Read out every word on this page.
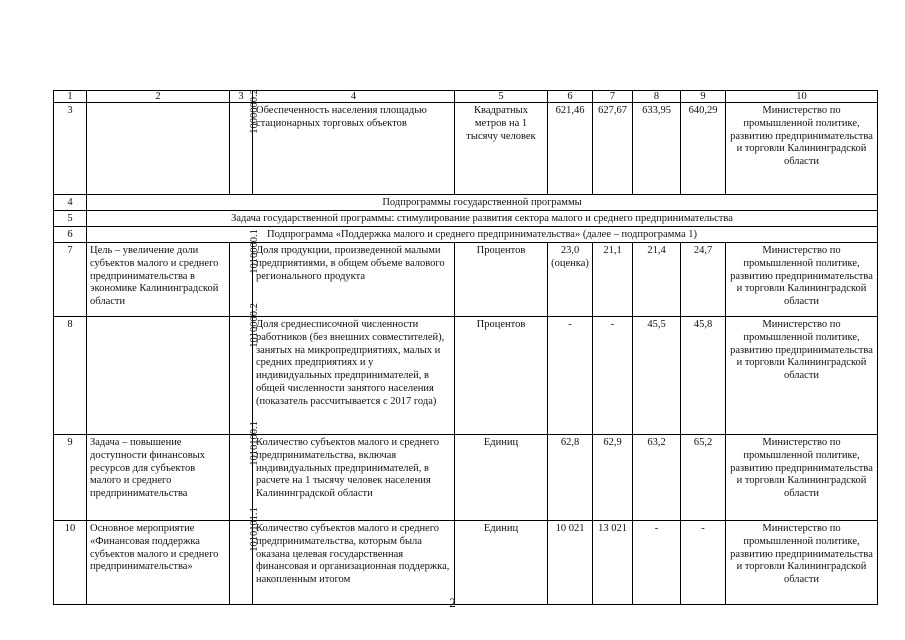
1	2	3	4	5	6	7	8	9	10
3		1000000.2	Обеспеченность населения площадью стационарных торговых объектов	Квадратных метров на 1 тысячу человек	621,46	627,67	633,95	640,29	Министерство по промышленной политике, развитию предпринимательства и торговли Калининградской области
4	Подпрограммы государственной программы								
5	Задача государственной программы: стимулирование развития сектора малого и среднего предпринимательства								
6	Подпрограмма «Поддержка малого и среднего предпринимательства» (далее – подпрограмма 1)								
7	Цель – увеличение доли субъектов малого и среднего предпринимательства в экономике Калининградской области	1010000.1	Доля продукции, произведенной малыми предприятиями, в общем объеме валового регионального продукта	Процентов	23,0 (оценка)	21,1	21,4	24,7	Министерство по промышленной политике, развитию предпринимательства и торговли Калининградской области
8		1010000.2	Доля среднесписочной численности работников (без внешних совместителей), занятых на микропредприятиях, малых и средних предприятиях и у индивидуальных предпринимателей, в общей численности занятого населения (показатель рассчитывается с 2017 года)	Процентов	-	-	45,5	45,8	Министерство по промышленной политике, развитию предпринимательства и торговли Калининградской области
9	Задача – повышение доступности финансовых ресурсов для субъектов малого и среднего предпринимательства	1010100.1	Количество субъектов малого и среднего предпринимательства, включая индивидуальных предпринимателей, в расчете на 1 тысячу человек населения Калининградской области	Единиц	62,8	62,9	63,2	65,2	Министерство по промышленной политике, развитию предпринимательства и торговли Калининградской области
10	Основное мероприятие «Финансовая поддержка субъектов малого и среднего предпринимательства»	1010101.1	Количество субъектов малого и среднего предпринимательства, которым была оказана целевая государственная финансовая и организационная поддержка, накопленным итогом	Единиц	10 021	13 021	-	-	Министерство по промышленной политике, развитию предпринимательства и торговли Калининградской области
2
